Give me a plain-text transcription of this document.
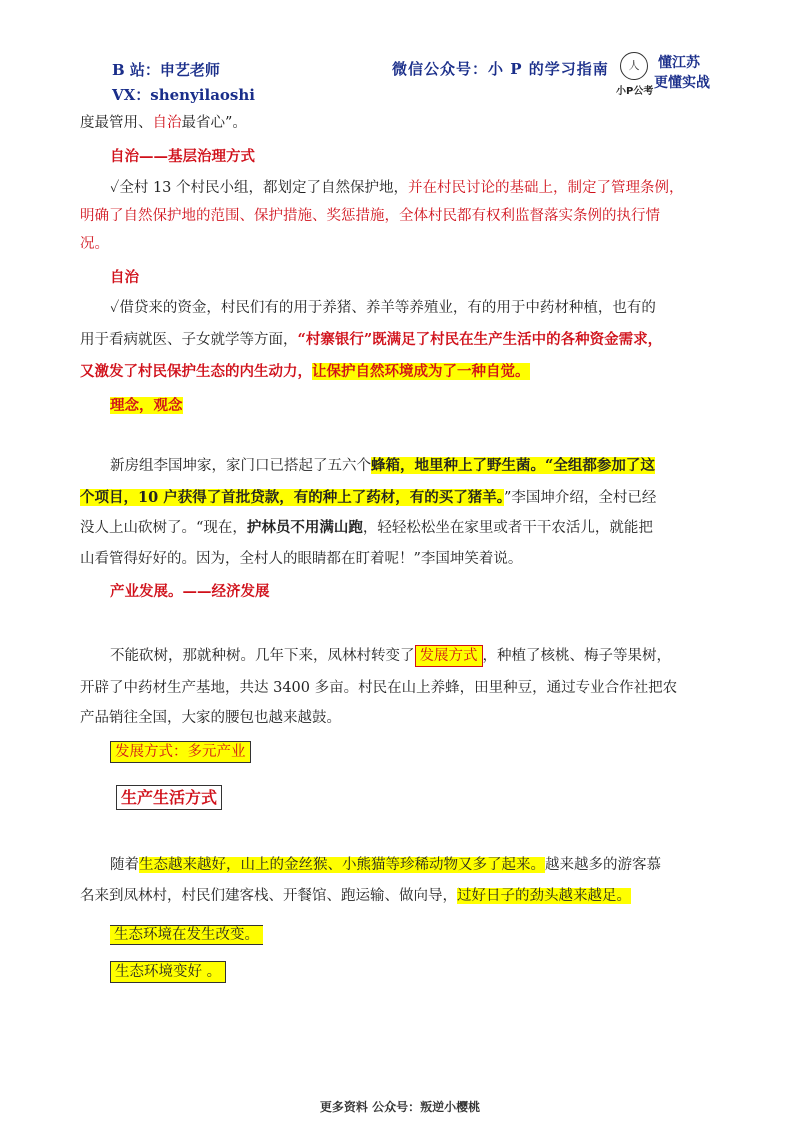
B 站：申艺老师
VX：shenyilaoshi
微信公众号：小 P 的学习指南	人	懂江苏
更懂实战
小P公考
度最管用、自治最省心”。
自治——基层治理方式
✓全村 13 个村民小组，都划定了自然保护地，并在村民讨论的基础上，制定了管理条例，
明确了自然保护地的范围、保护措施、奖惩措施，全体村民都有权利监督落实条例的执行情
况。
自治
✓借贷来的资金，村民们有的用于养猪、养羊等养殖业，有的用于中药材种植，也有的
用于看病就医、子女就学等方面，“村寨银行”既满足了村民在生产生活中的各种资金需求，
又激发了村民保护生态的内生动力，让保护自然环境成为了一种自觉。
理念，观念
新房组李国坤家，家门口已搭起了五六个蜂箱，地里种上了野生菌。“全组都参加了这
个项目，10 户获得了首批贷款，有的种上了药材，有的买了猪羊。”李国坤介绍，全村已经
没人上山砍树了。“现在，护林员不用满山跑，轻轻松松坐在家里或者干干农活儿，就能把
山看管得好好的。因为，全村人的眼睛都在盯着呢！”李国坤笑着说。
产业发展。——经济发展
不能砍树，那就种树。几年下来，凤林村转变了 发展方式 ，种植了核桃、梅子等果树，
开辟了中药材生产基地，共达 3400 多亩。村民在山上养蜂，田里种豆，通过专业合作社把农
产品销往全国，大家的腰包也越来越鼓。
发展方式：多元产业
生产生活方式
随着生态越来越好，山上的金丝猴、小熊猫等珍稀动物又多了起来。越来越多的游客慕
名来到凤林村，村民们建客栈、开餐馆、跑运输、做向导，过好日子的劲头越来越足。
生态环境在发生改变。
生态环境变好 。
更多资料 公众号：叛逆小樱桃
